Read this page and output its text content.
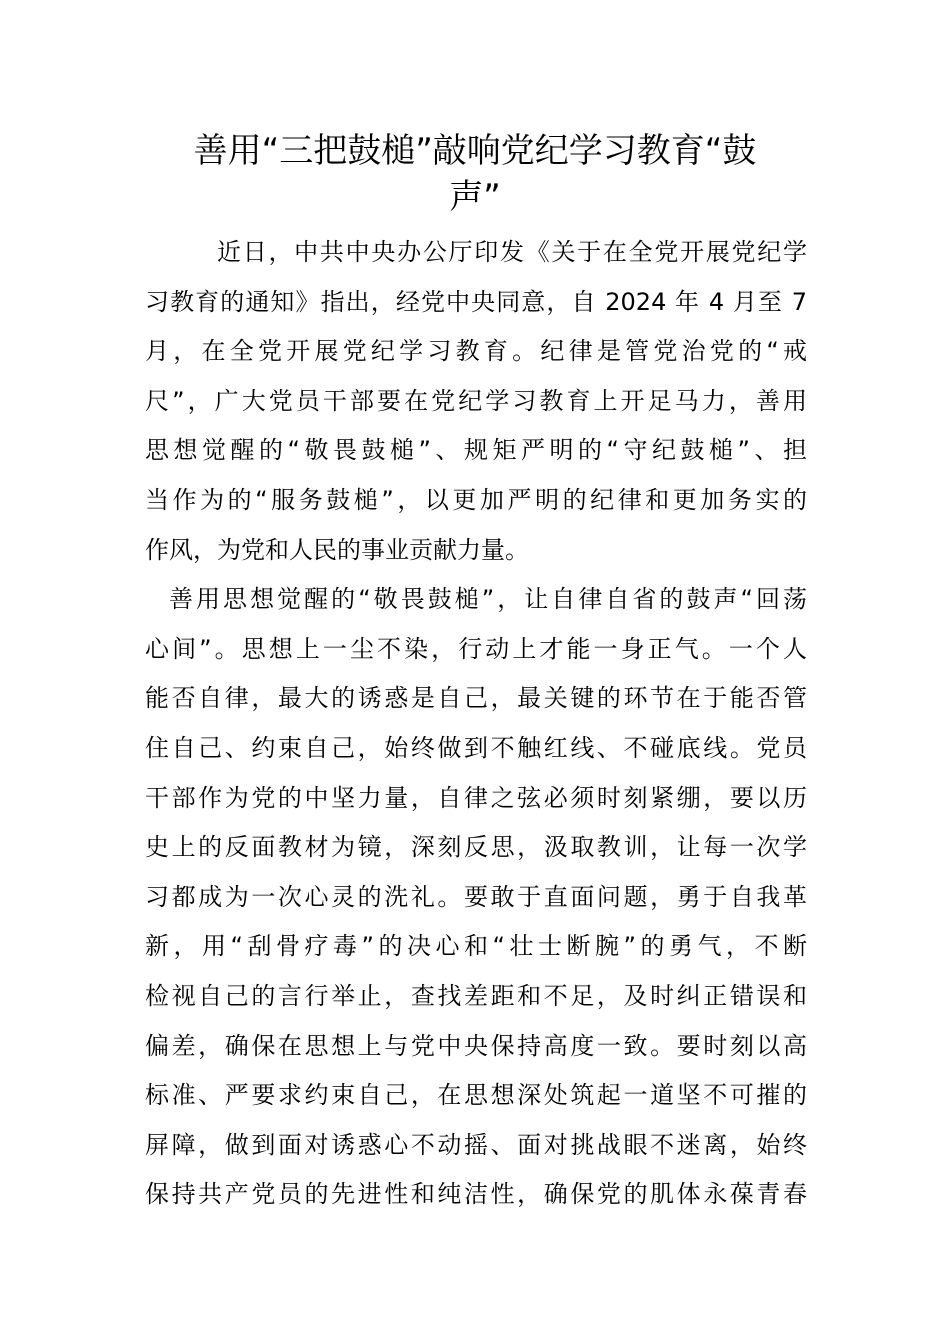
善用“三把鼓槌”敲响党纪学习教育“鼓
声”
近日，中共中央办公厅印发《关于在全党开展党纪学
习教育的通知》指出，经党中央同意，自 2024 年 4 月至 7
月，在全党开展党纪学习教育。纪律是管党治党的“戒
尺”，广大党员干部要在党纪学习教育上开足马力，善用
思想觉醒的“敬畏鼓槌”、规矩严明的“守纪鼓槌”、担
当作为的“服务鼓槌”，以更加严明的纪律和更加务实的
作风，为党和人民的事业贡献力量。
善用思想觉醒的“敬畏鼓槌”，让自律自省的鼓声“回荡
心间”。思想上一尘不染，行动上才能一身正气。一个人
能否自律，最大的诱惑是自己，最关键的环节在于能否管
住自己、约束自己，始终做到不触红线、不碰底线。党员
干部作为党的中坚力量，自律之弦必须时刻紧绷，要以历
史上的反面教材为镜，深刻反思，汲取教训，让每一次学
习都成为一次心灵的洗礼。要敢于直面问题，勇于自我革
新，用“刮骨疗毒”的决心和“壮士断腕”的勇气，不断
检视自己的言行举止，查找差距和不足，及时纠正错误和
偏差，确保在思想上与党中央保持高度一致。要时刻以高
标准、严要求约束自己，在思想深处筑起一道坚不可摧的
屏障，做到面对诱惑心不动摇、面对挑战眼不迷离，始终
保持共产党员的先进性和纯洁性，确保党的肌体永葆青春
